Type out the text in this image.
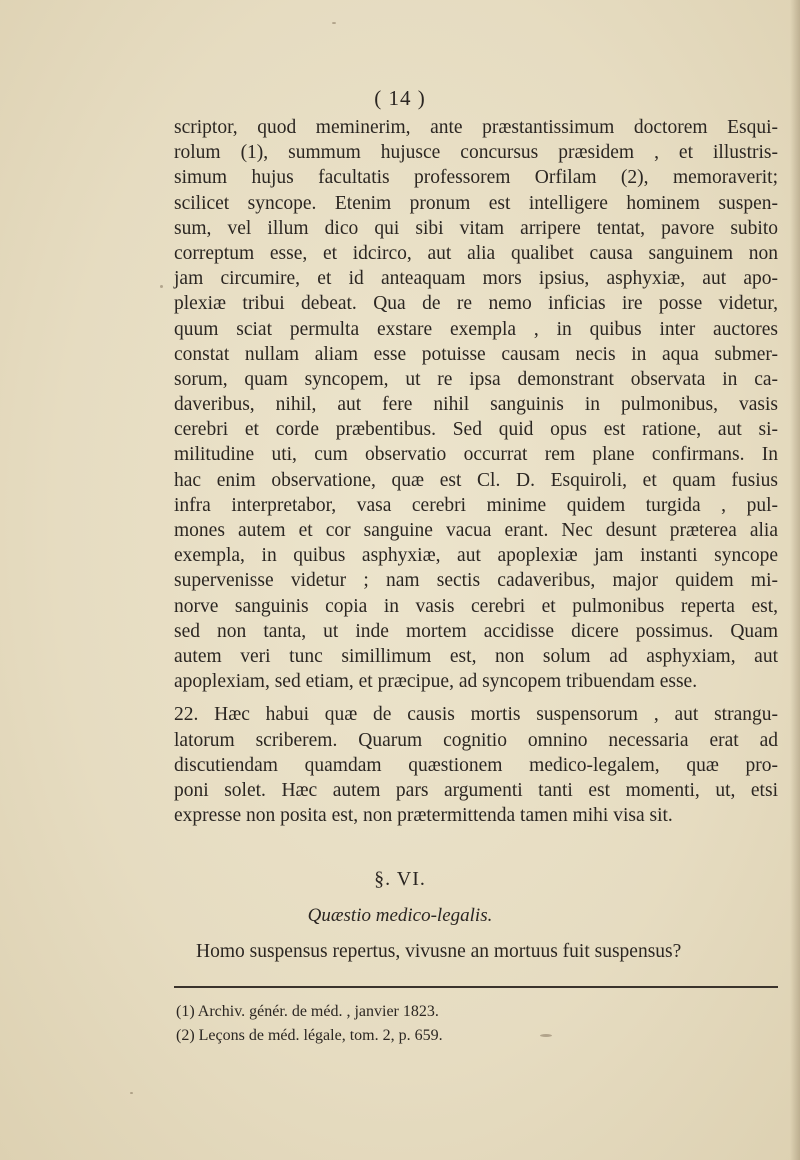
( 14 )
scriptor, quod meminerim, ante præstantissimum doctorem Esqui-
rolum (1), summum hujusce concursus præsidem , et illustris-
simum hujus facultatis professorem Orfilam (2), memoraverit;
scilicet syncope. Etenim pronum est intelligere hominem suspen-
sum, vel illum dico qui sibi vitam arripere tentat, pavore subito
correptum esse, et idcirco, aut alia qualibet causa sanguinem non
jam circumire, et id anteaquam mors ipsius, asphyxiæ, aut apo-
plexiæ tribui debeat. Qua de re nemo inficias ire posse videtur,
quum sciat permulta exstare exempla , in quibus inter auctores
constat nullam aliam esse potuisse causam necis in aqua submer-
sorum, quam syncopem, ut re ipsa demonstrant observata in ca-
daveribus, nihil, aut fere nihil sanguinis in pulmonibus, vasis
cerebri et corde præbentibus. Sed quid opus est ratione, aut si-
militudine uti, cum observatio occurrat rem plane confirmans. In
hac enim observatione, quæ est Cl. D. Esquiroli, et quam fusius
infra interpretabor, vasa cerebri minime quidem turgida , pul-
mones autem et cor sanguine vacua erant. Nec desunt præterea alia
exempla, in quibus asphyxiæ, aut apoplexiæ jam instanti syncope
supervenisse videtur ; nam sectis cadaveribus, major quidem mi-
norve sanguinis copia in vasis cerebri et pulmonibus reperta est,
sed non tanta, ut inde mortem accidisse dicere possimus. Quam
autem veri tunc simillimum est, non solum ad asphyxiam, aut
apoplexiam, sed etiam, et præcipue, ad syncopem tribuendam esse.
22. Hæc habui quæ de causis mortis suspensorum , aut strangu-
latorum scriberem. Quarum cognitio omnino necessaria erat ad
discutiendam quamdam quæstionem medico-legalem, quæ pro-
poni solet. Hæc autem pars argumenti tanti est momenti, ut, etsi
expresse non posita est, non prætermittenda tamen mihi visa sit.
§. VI.
Quæstio medico-legalis.
Homo suspensus repertus, vivusne an mortuus fuit suspensus?
(1) Archiv. génér. de méd. , janvier 1823.
(2) Leçons de méd. légale, tom. 2, p. 659.
